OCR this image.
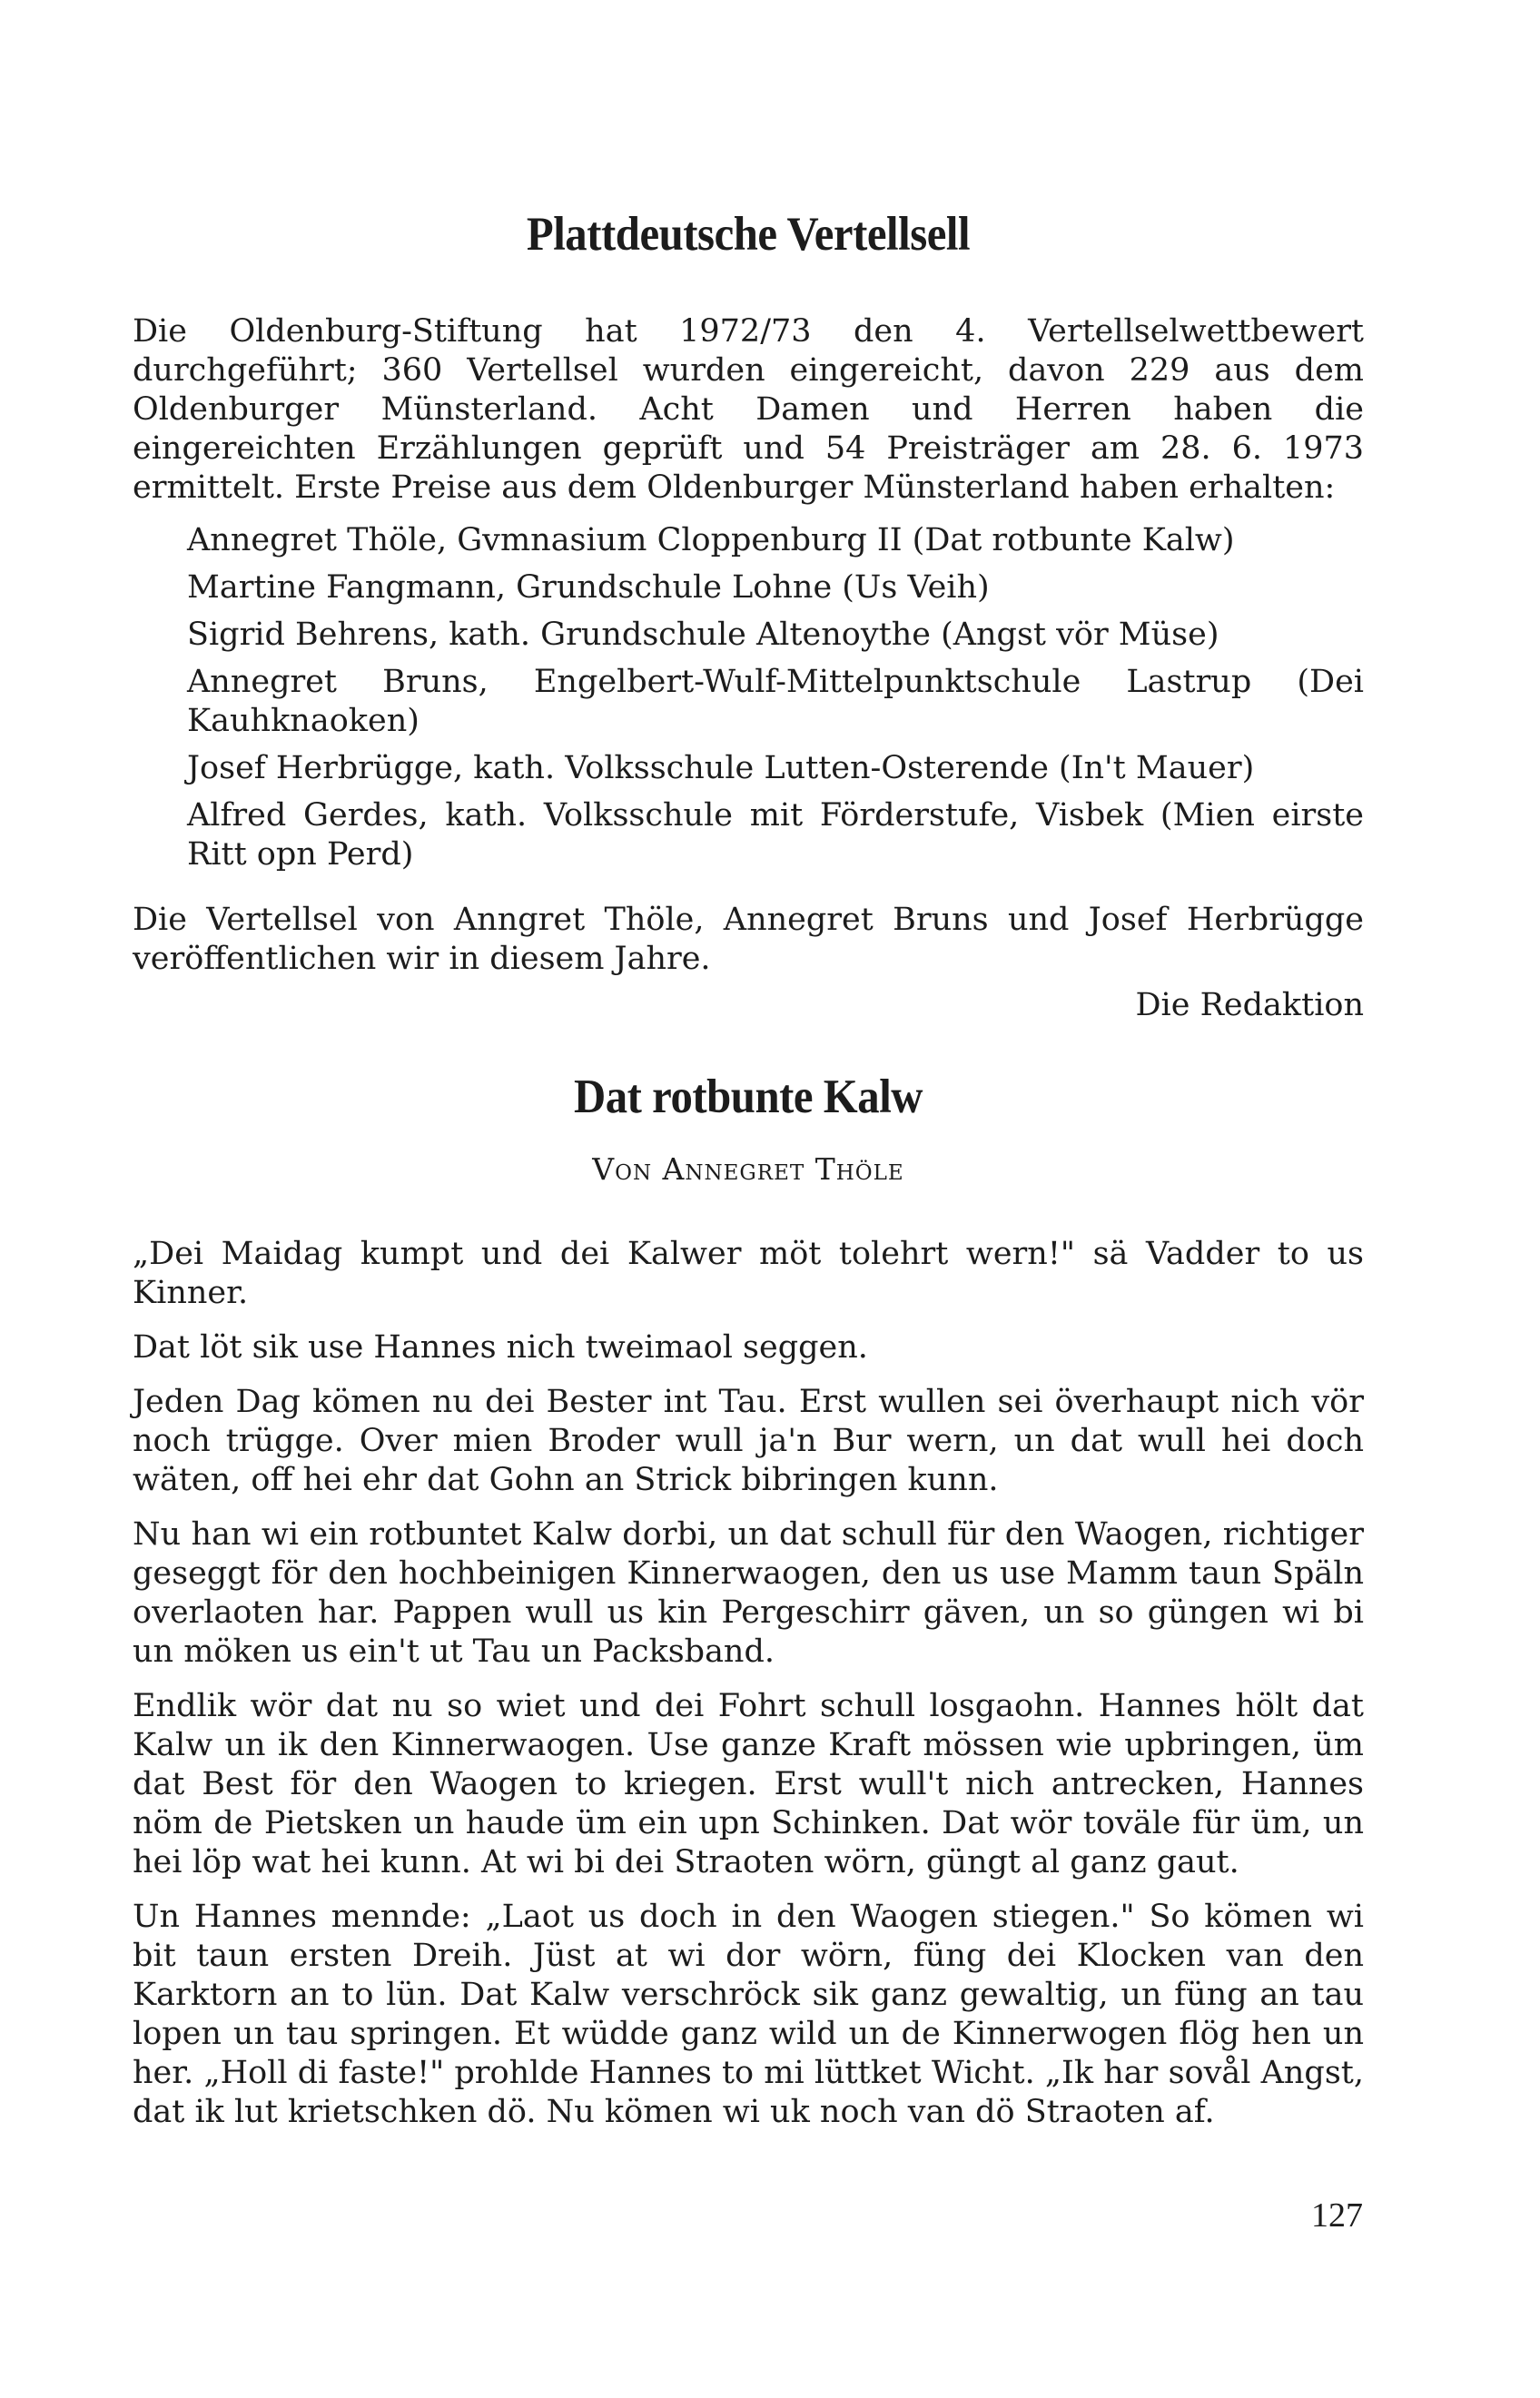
Plattdeutsche Vertellsell

Die Oldenburg-Stiftung hat 1972/73 den 4. Vertellselwettbewert durchgeführt; 360 Vertellsel wurden eingereicht, davon 229 aus dem Oldenburger Münsterland. Acht Damen und Herren haben die eingereichten Erzählungen geprüft und 54 Preisträger am 28. 6. 1973 ermittelt. Erste Preise aus dem Oldenburger Münsterland haben erhalten:

Annegret Thöle, Gvmnasium Cloppenburg II (Dat rotbunte Kalw)

Martine Fangmann, Grundschule Lohne (Us Veih)

Sigrid Behrens, kath. Grundschule Altenoythe (Angst vör Müse)

Annegret Bruns, Engelbert-Wulf-Mittelpunktschule Lastrup (Dei Kauhknaoken)

Josef Herbrügge, kath. Volksschule Lutten-Osterende (In't Mauer)

Alfred Gerdes, kath. Volksschule mit Förderstufe, Visbek (Mien eirste Ritt opn Perd)

Die Vertellsel von Anngret Thöle, Annegret Bruns und Josef Herbrügge veröffentlichen wir in diesem Jahre.

Die Redaktion

Dat rotbunte Kalw

Von Annegret Thöle

„Dei Maidag kumpt und dei Kalwer möt tolehrt wern!" sä Vadder to us Kinner.

Dat löt sik use Hannes nich tweimaol seggen.

Jeden Dag kömen nu dei Bester int Tau. Erst wullen sei överhaupt nich vör noch trügge. Over mien Broder wull ja'n Bur wern, un dat wull hei doch wäten, off hei ehr dat Gohn an Strick bibringen kunn.

Nu han wi ein rotbuntet Kalw dorbi, un dat schull für den Waogen, richtiger geseggt för den hochbeinigen Kinnerwaogen, den us use Mamm taun Späln overlaoten har. Pappen wull us kin Pergeschirr gäven, un so güngen wi bi un möken us ein't ut Tau un Packsband.

Endlik wör dat nu so wiet und dei Fohrt schull losgaohn. Hannes hölt dat Kalw un ik den Kinnerwaogen. Use ganze Kraft mössen wie upbringen, üm dat Best för den Waogen to kriegen. Erst wull't nich antrecken, Hannes nöm de Pietsken un haude üm ein upn Schinken. Dat wör toväle für üm, un hei löp wat hei kunn. At wi bi dei Straoten wörn, güngt al ganz gaut.

Un Hannes mennde: „Laot us doch in den Waogen stiegen." So kömen wi bit taun ersten Dreih. Jüst at wi dor wörn, füng dei Klocken van den Karktorn an to lün. Dat Kalw verschröck sik ganz gewaltig, un füng an tau lopen un tau springen. Et wüdde ganz wild un de Kinnerwogen flög hen un her. „Holl di faste!" prohlde Hannes to mi lüttket Wicht. „Ik har sovål Angst, dat ik lut krietschken dö. Nu kömen wi uk noch van dö Straoten af.

127
